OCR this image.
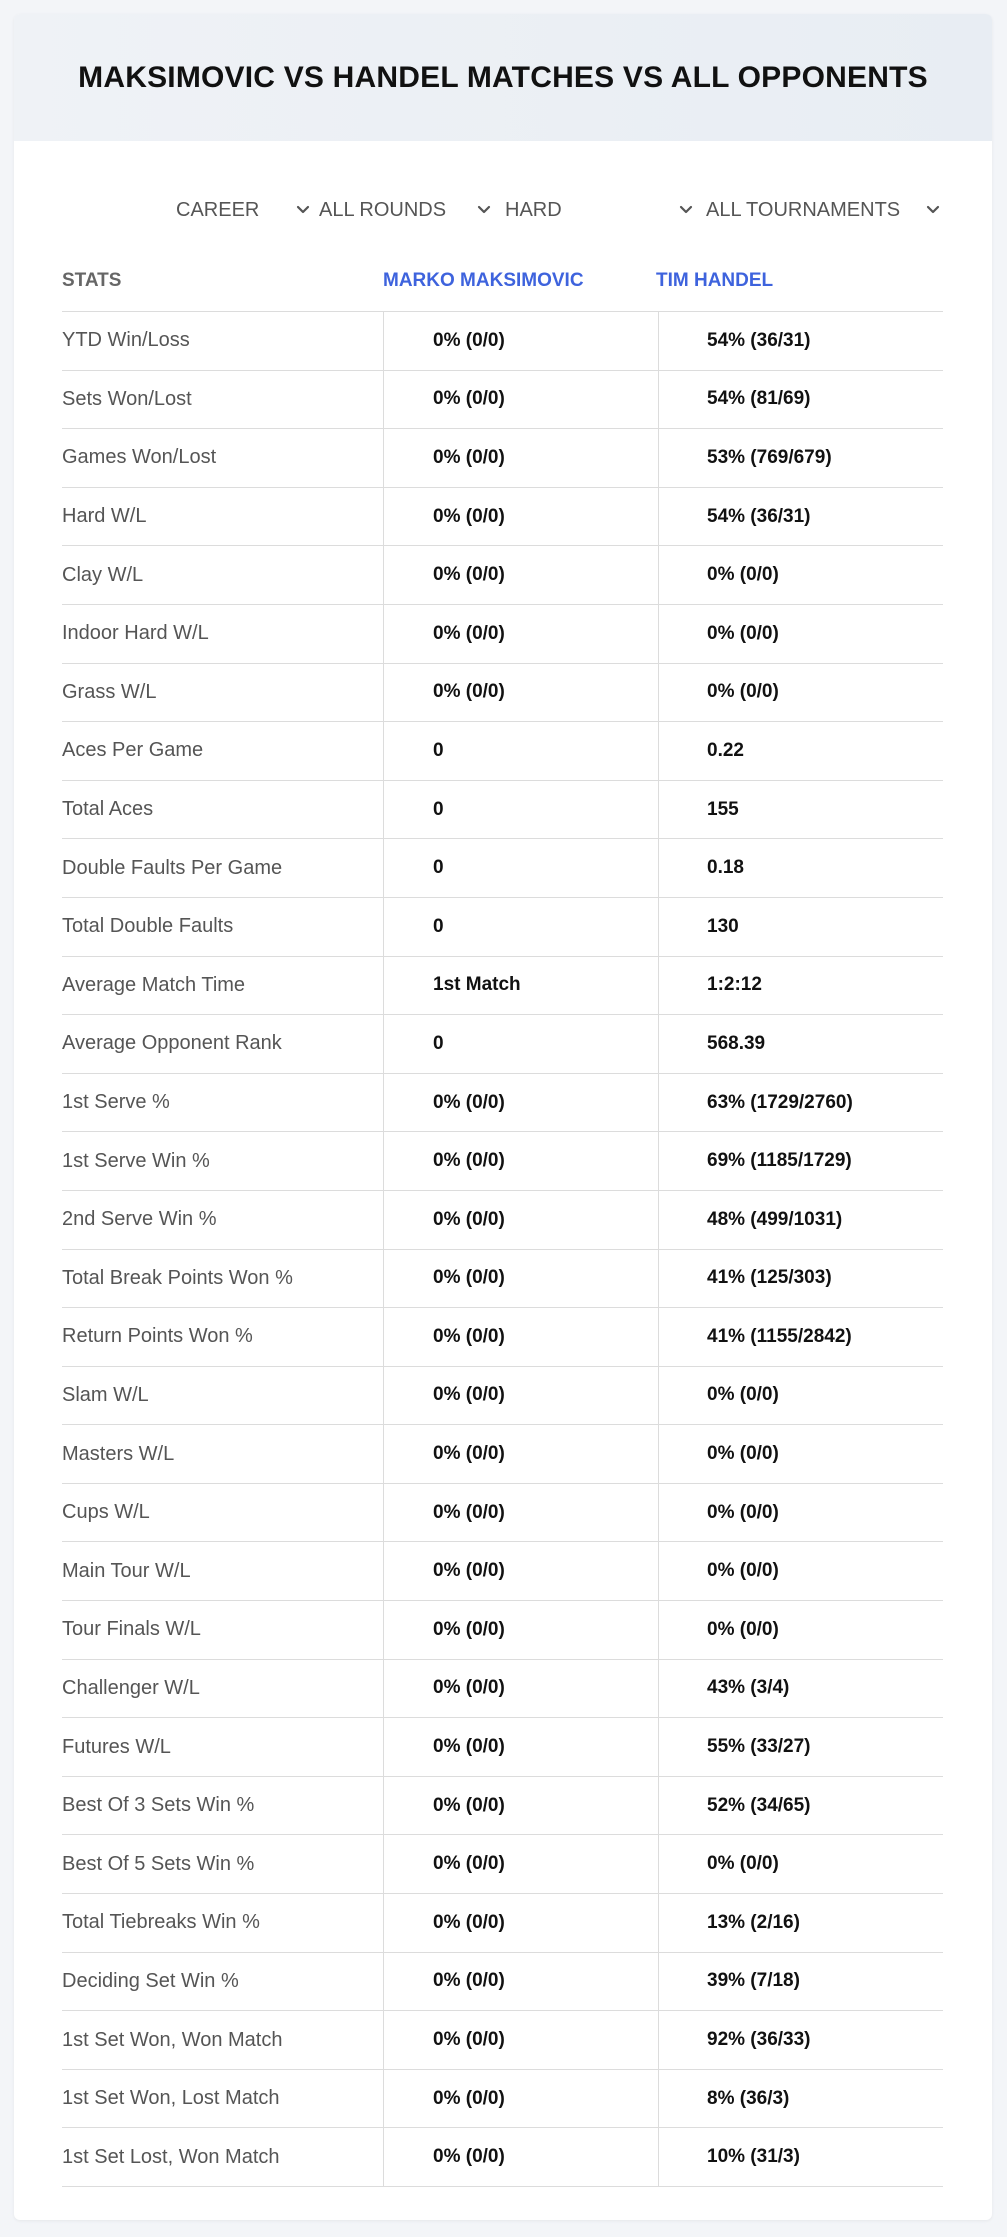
MAKSIMOVIC VS HANDEL MATCHES VS ALL OPPONENTS
CAREER	ALL ROUNDS	HARD	ALL TOURNAMENTS
STATS	MARKO MAKSIMOVIC	TIM HANDEL
YTD Win/Loss	0% (0/0)	54% (36/31)
Sets Won/Lost	0% (0/0)	54% (81/69)
Games Won/Lost	0% (0/0)	53% (769/679)
Hard W/L	0% (0/0)	54% (36/31)
Clay W/L	0% (0/0)	0% (0/0)
Indoor Hard W/L	0% (0/0)	0% (0/0)
Grass W/L	0% (0/0)	0% (0/0)
Aces Per Game	0	0.22
Total Aces	0	155
Double Faults Per Game	0	0.18
Total Double Faults	0	130
Average Match Time	1st Match	1:2:12
Average Opponent Rank	0	568.39
1st Serve %	0% (0/0)	63% (1729/2760)
1st Serve Win %	0% (0/0)	69% (1185/1729)
2nd Serve Win %	0% (0/0)	48% (499/1031)
Total Break Points Won %	0% (0/0)	41% (125/303)
Return Points Won %	0% (0/0)	41% (1155/2842)
Slam W/L	0% (0/0)	0% (0/0)
Masters W/L	0% (0/0)	0% (0/0)
Cups W/L	0% (0/0)	0% (0/0)
Main Tour W/L	0% (0/0)	0% (0/0)
Tour Finals W/L	0% (0/0)	0% (0/0)
Challenger W/L	0% (0/0)	43% (3/4)
Futures W/L	0% (0/0)	55% (33/27)
Best Of 3 Sets Win %	0% (0/0)	52% (34/65)
Best Of 5 Sets Win %	0% (0/0)	0% (0/0)
Total Tiebreaks Win %	0% (0/0)	13% (2/16)
Deciding Set Win %	0% (0/0)	39% (7/18)
1st Set Won, Won Match	0% (0/0)	92% (36/33)
1st Set Won, Lost Match	0% (0/0)	8% (36/3)
1st Set Lost, Won Match	0% (0/0)	10% (31/3)
